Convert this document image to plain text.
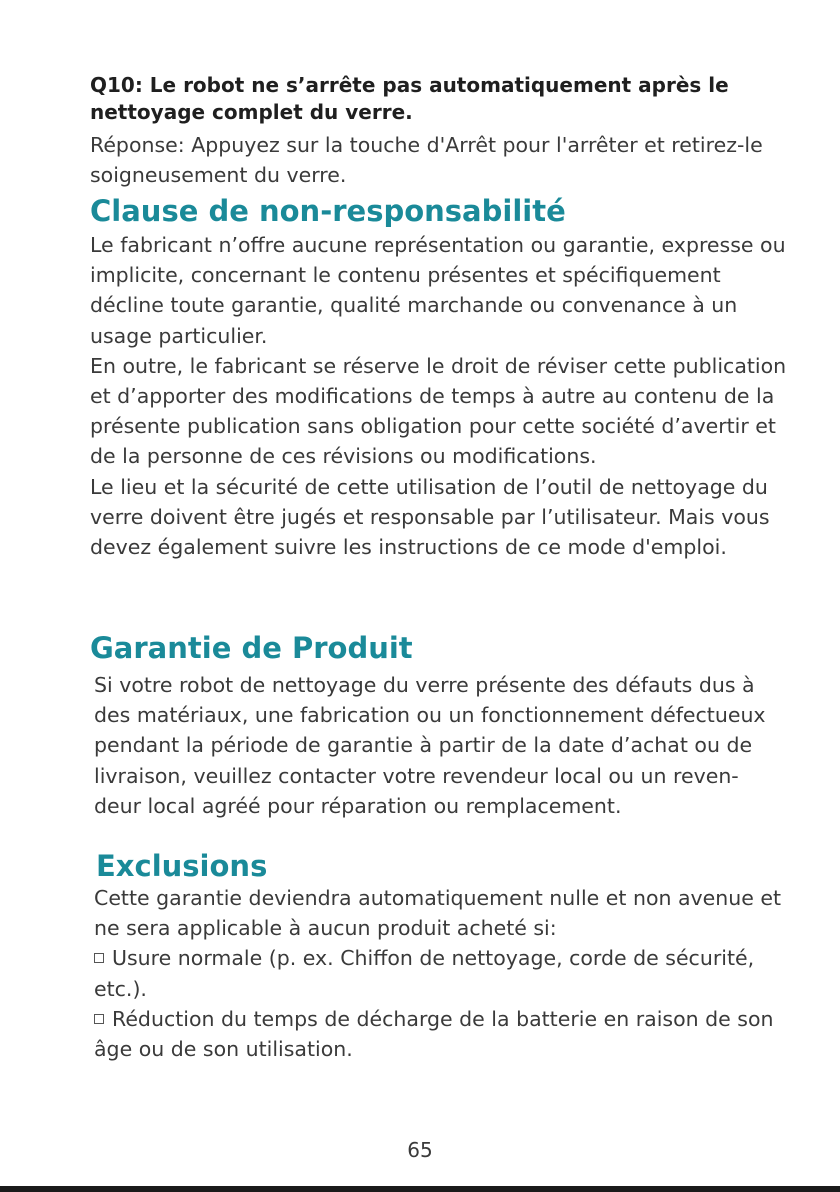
Q10: Le robot ne s’arrête pas automatiquement après le nettoyage complet du verre.
Réponse: Appuyez sur la touche d'Arrêt pour l'arrêter et retirez-le soigneusement du verre.
Clause de non-responsabilité

Le fabricant n’offre aucune représentation ou garantie, expresse ou implicite, concernant le contenu présentes et spécifiquement décline toute garantie, qualité marchande ou convenance à un usage particulier.

En outre, le fabricant se réserve le droit de réviser cette publication et d’apporter des modifications de temps à autre au contenu de la présente publication sans obligation pour cette société d’avertir et de la personne de ces révisions ou modifications.

Le lieu et la sécurité de cette utilisation de l’outil de nettoyage du verre doivent être jugés et responsable par l’utilisateur. Mais vous devez également suivre les instructions de ce mode d'emploi.

Garantie de Produit

Si votre robot de nettoyage du verre présente des défauts dus à des matériaux, une fabrication ou un fonctionnement défectueux pendant la période de garantie à partir de la date d’achat ou de livraison, veuillez contacter votre revendeur local ou un reven-deur local agréé pour réparation ou remplacement.

Exclusions

Cette garantie deviendra automatiquement nulle et non avenue et ne sera applicable à aucun produit acheté si:

Usure normale (p. ex. Chiffon de nettoyage, corde de sécurité, etc.).

Réduction du temps de décharge de la batterie en raison de son âge ou de son utilisation.

65
